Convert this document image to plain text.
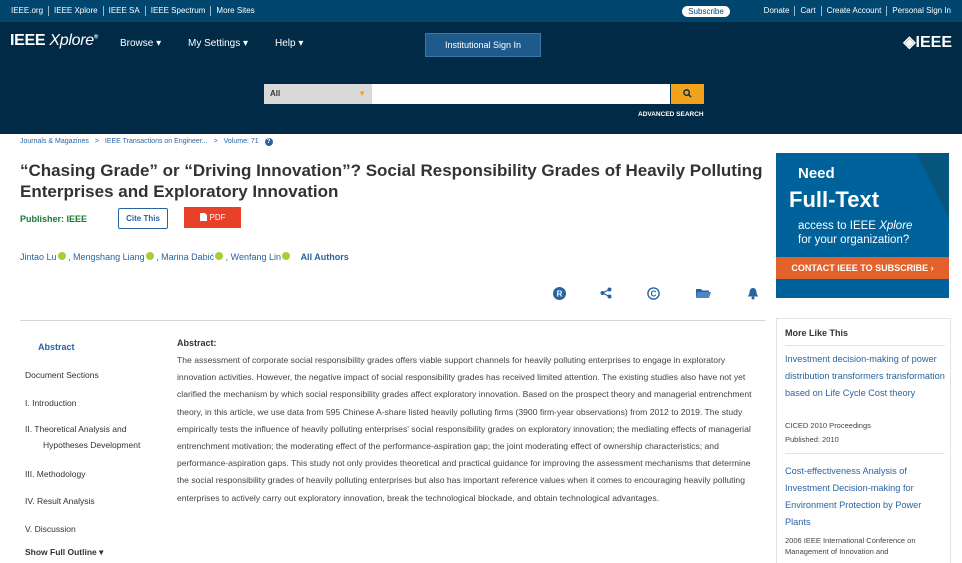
IEEE.org	IEEE Xplore	IEEE SA	IEEE Spectrum	More Sites	Subscribe	Donate	Cart	Create Account	Personal Sign In
IEEE Xplore®
Browse ▾	My Settings ▾	Help ▾	Institutional Sign In	◈IEEE
All	▼
ADVANCED SEARCH
Journals & Magazines > IEEE Transactions on Engineer... > Volume: 71 ?
“Chasing Grade” or “Driving Innovation”? Social Responsibility Grades of Heavily Polluting Enterprises and Exploratory Innovation
Publisher: IEEE	Cite This	PDF
Jintao Lu , Mengshang Liang , Marina Dabić , Wenfang Lin All Authors
R	C
Abstract
Document Sections
I. Introduction
II. Theoretical Analysis and
Hypotheses Development
III. Methodology
IV. Result Analysis
V. Discussion
Show Full Outline ▾
Abstract:
The assessment of corporate social responsibility grades offers viable support channels for heavily polluting enterprises to engage in exploratory innovation activities. However, the negative impact of social responsibility grades has received limited attention. The existing studies also have not yet clarified the mechanism by which social responsibility grades affect exploratory innovation. Based on the prospect theory and managerial entrenchment theory, in this article, we use data from 595 Chinese A-share listed heavily polluting firms (3900 firm-year observations) from 2012 to 2019. The study empirically tests the influence of heavily polluting enterprises' social responsibility grades on exploratory innovation; the mediating effects of managerial entrenchment motivation; the moderating effect of the performance-aspiration gap; the joint moderating effect of ownership characteristics; and performance-aspiration gaps. This study not only provides theoretical and practical guidance for improving the assessment mechanisms that determine the social responsibility grades of heavily polluting enterprises but also has important reference values when it comes to encouraging heavily polluting enterprises to actively carry out exploratory innovation, break the technological blockade, and obtain technological advantages.
Need
Full-Text
access to IEEE Xplore
for your organization?
CONTACT IEEE TO SUBSCRIBE ›
More Like This
Investment decision-making of power distribution transformers transformation based on Life Cycle Cost theory
CICED 2010 Proceedings
Published: 2010
Cost-effectiveness Analysis of Investment Decision-making for Environment Protection by Power Plants
2006 IEEE International Conference on Management of Innovation and
